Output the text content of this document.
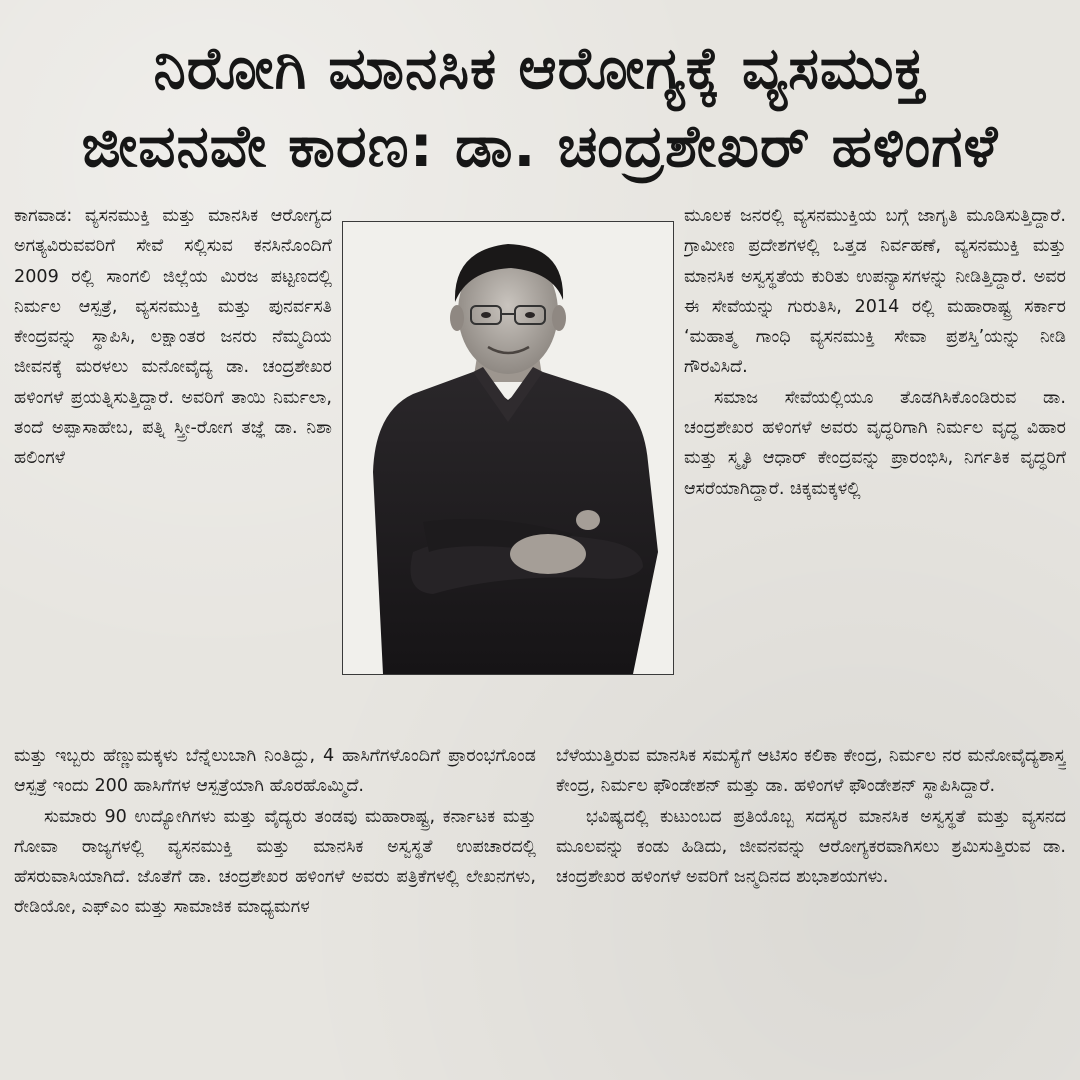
ನಿರೋಗಿ ಮಾನಸಿಕ ಆರೋಗ್ಯಕ್ಕೆ ವ್ಯಸಮುಕ್ತ
ಜೀವನವೇ ಕಾರಣ: ಡಾ. ಚಂದ್ರಶೇಖರ್ ಹಳಿಂಗಳೆ

ಕಾಗವಾಡ: ವ್ಯಸನಮುಕ್ತಿ ಮತ್ತು ಮಾನಸಿಕ ಆರೋಗ್ಯದ ಅಗತ್ಯವಿರುವವರಿಗೆ ಸೇವೆ ಸಲ್ಲಿಸುವ ಕನಸಿನೊಂದಿಗೆ 2009 ರಲ್ಲಿ ಸಾಂಗಲಿ ಜಿಲ್ಲೆಯ ಮಿರಜ ಪಟ್ಟಣದಲ್ಲಿ ನಿರ್ಮಲ ಆಸ್ಪತ್ರೆ, ವ್ಯಸನಮುಕ್ತಿ ಮತ್ತು ಪುನರ್ವಸತಿ ಕೇಂದ್ರವನ್ನು ಸ್ಥಾಪಿಸಿ, ಲಕ್ಷಾಂತರ ಜನರು ನೆಮ್ಮದಿಯ ಜೀವನಕ್ಕೆ ಮರಳಲು ಮನೋವೈದ್ಯ ಡಾ. ಚಂದ್ರಶೇಖರ ಹಳಿಂಗಳೆ ಪ್ರಯತ್ನಿಸುತ್ತಿದ್ದಾರೆ. ಅವರಿಗೆ ತಾಯಿ ನಿರ್ಮಲಾ, ತಂದೆ ಅಪ್ಪಾಸಾಹೇಬ, ಪತ್ನಿ ಸ್ತ್ರೀ-ರೋಗ ತಜ್ಞೆ ಡಾ. ನಿಶಾ ಹಲಿಂಗಳೆ

ಮೂಲಕ ಜನರಲ್ಲಿ ವ್ಯಸನಮುಕ್ತಿಯ ಬಗ್ಗೆ ಜಾಗೃತಿ ಮೂಡಿಸುತ್ತಿದ್ದಾರೆ. ಗ್ರಾಮೀಣ ಪ್ರದೇಶಗಳಲ್ಲಿ ಒತ್ತಡ ನಿರ್ವಹಣೆ, ವ್ಯಸನಮುಕ್ತಿ ಮತ್ತು ಮಾನಸಿಕ ಅಸ್ವಸ್ಥತೆಯ ಕುರಿತು ಉಪನ್ಯಾಸಗಳನ್ನು ನೀಡಿತ್ತಿದ್ದಾರೆ. ಅವರ ಈ ಸೇವೆಯನ್ನು ಗುರುತಿಸಿ, 2014 ರಲ್ಲಿ ಮಹಾರಾಷ್ಟ್ರ ಸರ್ಕಾರ ‘ಮಹಾತ್ಮ ಗಾಂಧಿ ವ್ಯಸನಮುಕ್ತಿ ಸೇವಾ ಪ್ರಶಸ್ತಿ’ಯನ್ನು ನೀಡಿ ಗೌರವಿಸಿದೆ.

ಸಮಾಜ ಸೇವೆಯಲ್ಲಿಯೂ ತೊಡಗಿಸಿಕೊಂಡಿರುವ ಡಾ. ಚಂದ್ರಶೇಖರ ಹಳಿಂಗಳೆ ಅವರು ವೃದ್ಧರಿಗಾಗಿ ನಿರ್ಮಲ ವೃದ್ಧ ವಿಹಾರ ಮತ್ತು ಸ್ಮೃತಿ ಆಧಾರ್ ಕೇಂದ್ರವನ್ನು ಪ್ರಾರಂಭಿಸಿ, ನಿರ್ಗತಿಕ ವೃದ್ಧರಿಗೆ ಆಸರೆಯಾಗಿದ್ದಾರೆ. ಚಿಕ್ಕಮಕ್ಕಳಲ್ಲಿ

ಮತ್ತು ಇಬ್ಬರು ಹೆಣ್ಣುಮಕ್ಕಳು ಬೆನ್ನೆಲುಬಾಗಿ ನಿಂತಿದ್ದು, 4 ಹಾಸಿಗೆಗಳೊಂದಿಗೆ ಪ್ರಾರಂಭಗೊಂಡ ಆಸ್ಪತ್ರೆ ಇಂದು 200 ಹಾಸಿಗೆಗಳ ಆಸ್ಪತ್ರೆಯಾಗಿ ಹೊರಹೊಮ್ಮಿದೆ.

ಸುಮಾರು 90 ಉದ್ಯೋಗಿಗಳು ಮತ್ತು ವೈದ್ಯರು ತಂಡವು ಮಹಾರಾಷ್ಟ್ರ, ಕರ್ನಾಟಕ ಮತ್ತು ಗೋವಾ ರಾಜ್ಯಗಳಲ್ಲಿ ವ್ಯಸನಮುಕ್ತಿ ಮತ್ತು ಮಾನಸಿಕ ಅಸ್ವಸ್ಥತೆ ಉಪಚಾರದಲ್ಲಿ ಹೆಸರುವಾಸಿಯಾಗಿದೆ. ಜೊತೆಗೆ ಡಾ. ಚಂದ್ರಶೇಖರ ಹಳಿಂಗಳೆ ಅವರು ಪತ್ರಿಕೆಗಳಲ್ಲಿ ಲೇಖನಗಳು, ರೇಡಿಯೋ, ಎಫ್‌ಎಂ ಮತ್ತು ಸಾಮಾಜಿಕ ಮಾಧ್ಯಮಗಳ

ಬೆಳೆಯುತ್ತಿರುವ ಮಾನಸಿಕ ಸಮಸ್ಯೆಗೆ ಆಟಿಸಂ ಕಲಿಕಾ ಕೇಂದ್ರ, ನಿರ್ಮಲ ನರ ಮನೋವೈದ್ಯಶಾಸ್ತ್ರ ಕೇಂದ್ರ, ನಿರ್ಮಲ ಫೌಂಡೇಶನ್ ಮತ್ತು ಡಾ. ಹಳಿಂಗಳೆ ಫೌಂಡೇಶನ್ ಸ್ಥಾಪಿಸಿದ್ದಾರೆ.

ಭವಿಷ್ಯದಲ್ಲಿ ಕುಟುಂಬದ ಪ್ರತಿಯೊಬ್ಬ ಸದಸ್ಯರ ಮಾನಸಿಕ ಅಸ್ವಸ್ಥತೆ ಮತ್ತು ವ್ಯಸನದ ಮೂಲವನ್ನು ಕಂಡು ಹಿಡಿದು, ಜೀವನವನ್ನು ಆರೋಗ್ಯಕರವಾಗಿಸಲು ಶ್ರಮಿಸುತ್ತಿರುವ ಡಾ. ಚಂದ್ರಶೇಖರ ಹಳಿಂಗಳೆ ಅವರಿಗೆ ಜನ್ಮದಿನದ ಶುಭಾಶಯಗಳು.
